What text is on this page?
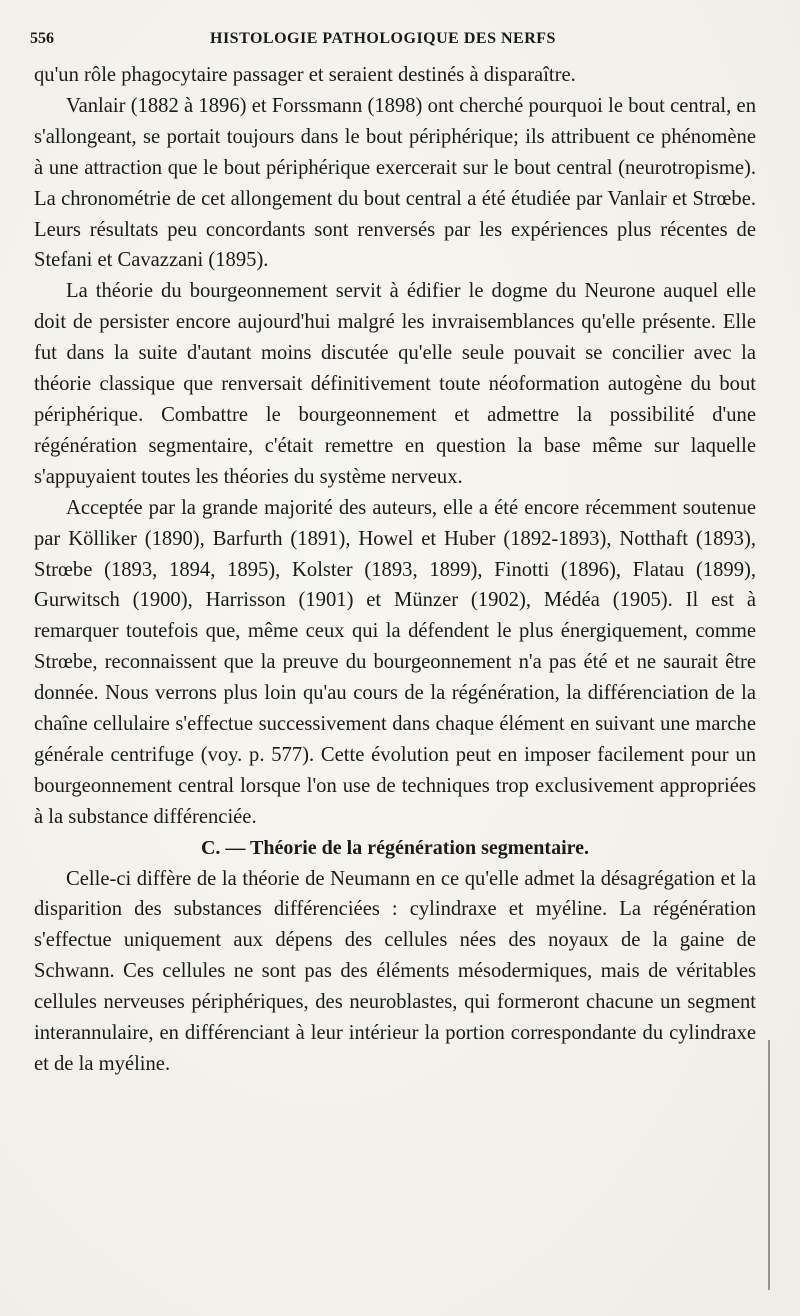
556	HISTOLOGIE PATHOLOGIQUE DES NERFS

qu'un rôle phagocytaire passager et seraient destinés à disparaître.

Vanlair (1882 à 1896) et Forssmann (1898) ont cherché pourquoi le bout central, en s'allongeant, se portait toujours dans le bout périphérique; ils attribuent ce phénomène à une attraction que le bout périphérique exercerait sur le bout central (neurotropisme). La chronométrie de cet allongement du bout central a été étudiée par Vanlair et Strœbe. Leurs résultats peu concordants sont renversés par les expériences plus récentes de Stefani et Cavazzani (1895).

La théorie du bourgeonnement servit à édifier le dogme du Neurone auquel elle doit de persister encore aujourd'hui malgré les invraisemblances qu'elle présente. Elle fut dans la suite d'autant moins discutée qu'elle seule pouvait se concilier avec la théorie classique que renversait définitivement toute néoformation autogène du bout périphérique. Combattre le bourgeonnement et admettre la possibilité d'une régénération segmentaire, c'était remettre en question la base même sur laquelle s'appuyaient toutes les théories du système nerveux.

Acceptée par la grande majorité des auteurs, elle a été encore récemment soutenue par Kölliker (1890), Barfurth (1891), Howel et Huber (1892-1893), Notthaft (1893), Strœbe (1893, 1894, 1895), Kolster (1893, 1899), Finotti (1896), Flatau (1899), Gurwitsch (1900), Harrisson (1901) et Münzer (1902), Médéa (1905). Il est à remarquer toutefois que, même ceux qui la défendent le plus énergiquement, comme Strœbe, reconnaissent que la preuve du bourgeonnement n'a pas été et ne saurait être donnée. Nous verrons plus loin qu'au cours de la régénération, la différenciation de la chaîne cellulaire s'effectue successivement dans chaque élément en suivant une marche générale centrifuge (voy. p. 577). Cette évolution peut en imposer facilement pour un bourgeonnement central lorsque l'on use de techniques trop exclusivement appropriées à la substance différenciée.

C. — Théorie de la régénération segmentaire.

Celle-ci diffère de la théorie de Neumann en ce qu'elle admet la désagrégation et la disparition des substances différenciées : cylindraxe et myéline. La régénération s'effectue uniquement aux dépens des cellules nées des noyaux de la gaine de Schwann. Ces cellules ne sont pas des éléments mésodermiques, mais de véritables cellules nerveuses périphériques, des neuroblastes, qui formeront chacune un segment interannulaire, en différenciant à leur intérieur la portion correspondante du cylindraxe et de la myéline.
